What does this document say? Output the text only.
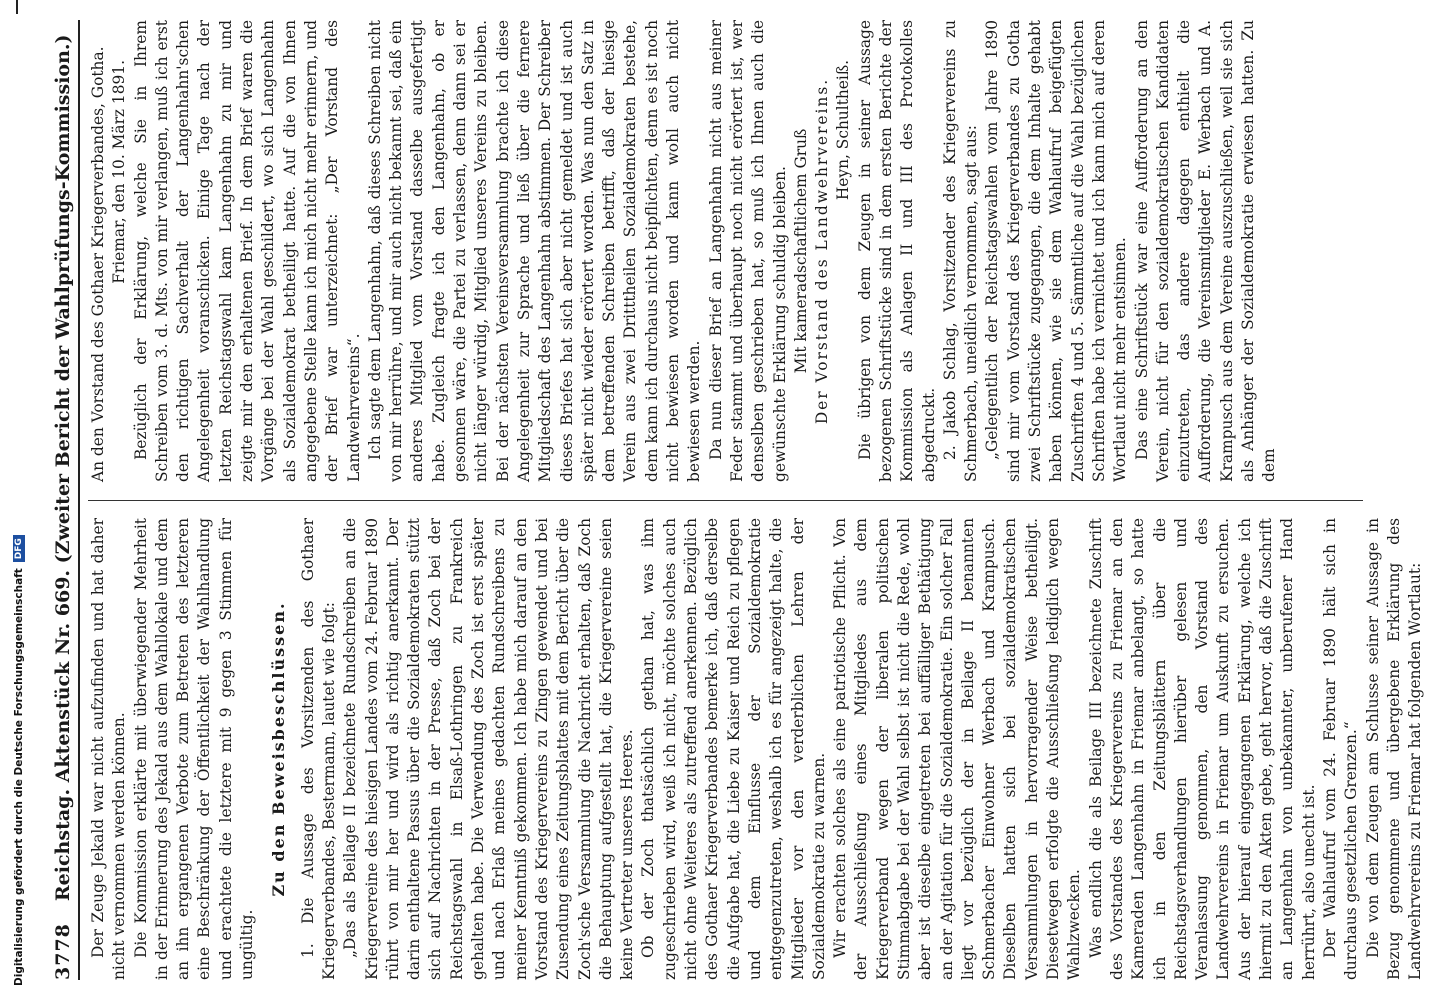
3778
Reichstag. Aktenstück Nr. 669. (Zweiter Bericht der Wahlprüfungs-Kommission.) Der Zeuge Jekald war nicht aufzufinden und hat daher nicht vernommen werden können. Die Kommission erklärte mit überwiegender Mehrheit in der Erinnerung des Jekald aus dem Wahllokale und dem an ihn ergangenen Verbote zum Betreten des letzteren eine Beschränkung der Öffentlichkeit der Wahlhandlung und erachtete die letztere mit 9 gegen 3 Stimmen für ungültig.

Zu den Beweisbeschlüssen. 1. Die Aussage des Vorsitzenden des Gothaer Kriegerverbandes, Bestermann, lautet wie folgt: „Das als Beilage II bezeichnete Rundschreiben an die Kriegervereine des hiesigen Landes vom 24. Februar 1890 rührt von mir her und wird als richtig anerkannt. Der darin enthaltene Passus über die Sozialdemokraten stützt sich auf Nachrichten in der Presse, daß Zoch bei der Reichstagswahl in Elsaß-Lothringen zu Frankreich gehalten habe. Die Verwendung des Zoch ist erst später und nach Erlaß meines gedachten Rundschreibens zu meiner Kenntniß gekommen. Ich habe mich darauf an den Vorstand des Kriegervereins zu Zingen gewendet und bei Zusendung eines Zeitungsblattes mit dem Bericht über die Zoch'sche Versammlung die Nachricht erhalten, daß Zoch die Behauptung aufgestellt hat, die Kriegervereine seien keine Vertreter unseres Heeres. Ob der Zoch thatsächlich gethan hat, was ihm zugeschrieben wird, weiß ich nicht, möchte solches auch nicht ohne Weiteres als zutreffend anerkennen. Bezüglich des Gothaer Kriegerverbandes bemerke ich, daß derselbe die Aufgabe hat, die Liebe zu Kaiser und Reich zu pflegen und dem Einflusse der Sozialdemokratie entgegenzutreten, weshalb ich es für angezeigt halte, die Mitglieder vor den verderblichen Lehren der Sozialdemokratie zu warnen. Wir erachten solches als eine patriotische Pflicht. Von der Ausschließung eines Mitgliedes aus dem Kriegerverband wegen der liberalen politischen Stimmabgabe bei der Wahl selbst ist nicht die Rede, wohl aber ist dieselbe eingetreten bei auffälliger Bethätigung an der Agitation für die Sozialdemokratie. Ein solcher Fall liegt vor bezüglich der in Beilage II benannten Schmerbacher Einwohner Werbach und Krampusch. Dieselben hatten sich bei sozialdemokratischen Versammlungen in hervorragender Weise betheiligt. Diesetwegen erfolgte die Ausschließung lediglich wegen Wahlzwecken. Was endlich die als Beilage III bezeichnete Zuschrift des Vorstandes des Kriegervereins zu Friemar an den Kameraden Langenhahn in Friemar anbelangt, so hatte ich in den Zeitungsblättern über die Reichstagsverhandlungen hierüber gelesen und Veranlassung genommen, den Vorstand des Landwehrvereins in Friemar um Auskunft zu ersuchen. Aus der hierauf eingegangenen Erklärung, welche ich hiermit zu den Akten gebe, geht hervor, daß die Zuschrift an Langenhahn von unbekannter, unberufener Hand herrührt, also unecht ist. Der Wahlaufruf vom 24. Februar 1890 hält sich in durchaus gesetzlichen Grenzen.“ Die von dem Zeugen am Schlusse seiner Aussage in Bezug genommene und übergebene Erklärung des Landwehrvereins zu Friemar hat folgenden Wortlaut:

An den Vorstand des Gothaer Kriegerverbandes, Gotha. Friemar, den 10. März 1891. Bezüglich der Erklärung, welche Sie in Ihrem Schreiben vom 3. d. Mts. von mir verlangen, muß ich erst den richtigen Sachverhalt der Langenhahn'schen Angelegenheit voranschicken. Einige Tage nach der letzten Reichstagswahl kam Langenhahn zu mir und zeigte mir den erhaltenen Brief. In dem Brief waren die Vorgänge bei der Wahl geschildert, wo sich Langenhahn als Sozialdemokrat betheiligt hatte. Auf die von Ihnen angegebene Stelle kann ich mich nicht mehr erinnern, und der Brief war unterzeichnet: „Der Vorstand des Landwehrvereins“. Ich sagte dem Langenhahn, daß dieses Schreiben nicht von mir herrühre, und mir auch nicht bekannt sei, daß ein anderes Mitglied vom Vorstand dasselbe ausgefertigt habe. Zugleich fragte ich den Langenhahn, ob er gesonnen wäre, die Partei zu verlassen, denn dann sei er nicht länger würdig, Mitglied unseres Vereins zu bleiben. Bei der nächsten Vereinsversammlung brachte ich diese Angelegenheit zur Sprache und ließ über die fernere Mitgliedschaft des Langenhahn abstimmen. Der Schreiber dieses Briefes hat sich aber nicht gemeldet und ist auch später nicht wieder erörtert worden. Was nun den Satz in dem betreffenden Schreiben betrifft, daß der hiesige Verein aus zwei Dritttheilen Sozialdemokraten bestehe, dem kann ich durchaus nicht beipflichten, denn es ist noch nicht bewiesen worden und kann wohl auch nicht bewiesen werden. Da nun dieser Brief an Langenhahn nicht aus meiner Feder stammt und überhaupt noch nicht erörtert ist, wer denselben geschrieben hat, so muß ich Ihnen auch die gewünschte Erklärung schuldig bleiben. Mit kameradschaftlichem Gruß Der Vorstand des Landwehrvereins. Heyn, Schultheiß. Die übrigen von dem Zeugen in seiner Aussage bezogenen Schriftstücke sind in dem ersten Berichte der Kommission als Anlagen II und III des Protokolles abgedruckt. 2. Jakob Schlag, Vorsitzender des Kriegervereins zu Schmerbach, uneidlich vernommen, sagt aus: „Gelegentlich der Reichstagswahlen vom Jahre 1890 sind mir vom Vorstand des Kriegerverbandes zu Gotha zwei Schriftstücke zugegangen, die dem Inhalte gehabt haben können, wie sie dem Wahlaufruf beigefügten Zuschriften 4 und 5. Sämmtliche auf die Wahl bezüglichen Schriften habe ich vernichtet und ich kann mich auf deren Wortlaut nicht mehr entsinnen. Das eine Schriftstück war eine Aufforderung an den Verein, nicht für den sozialdemokratischen Kandidaten einzutreten, das andere dagegen enthielt die Aufforderung, die Vereinsmitglieder E. Werbach und A. Krampusch aus dem Vereine auszuschließen, weil sie sich als Anhänger der Sozialdemokratie erwiesen hatten. Zu dem

Digitalisierung gefördert durch die Deutsche Forschungsgemeinschaft
DFG
